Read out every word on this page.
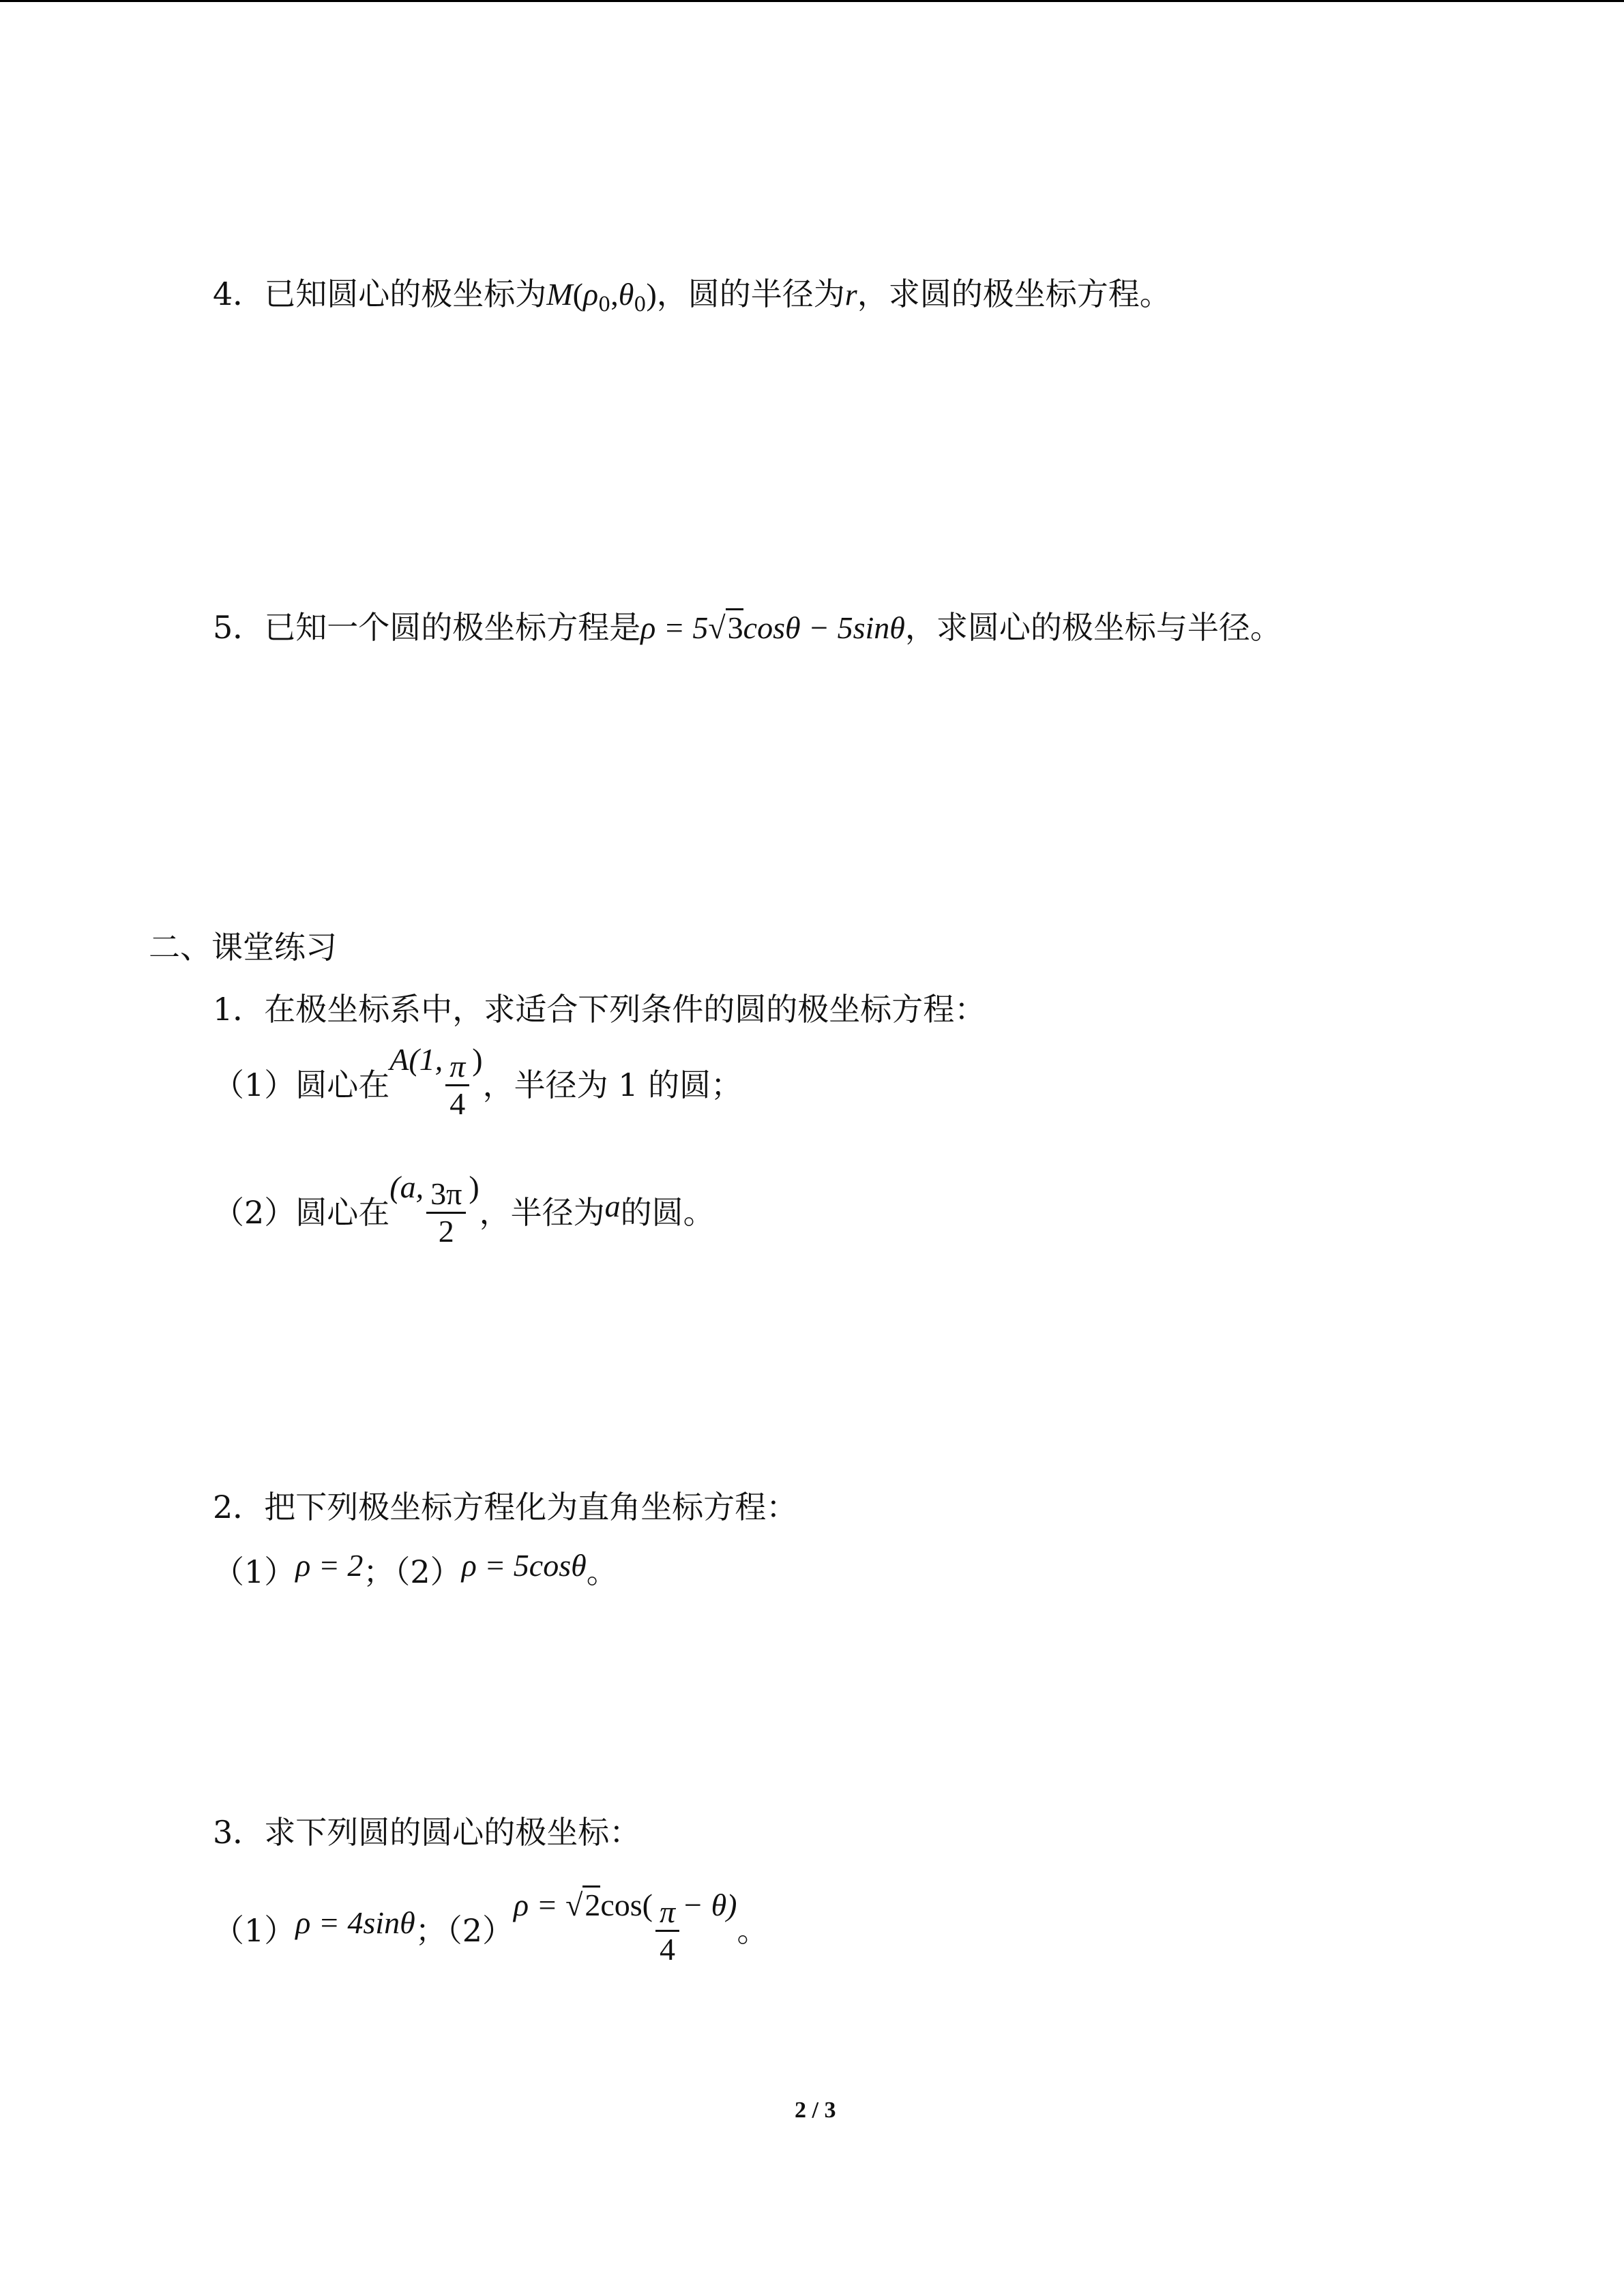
4．已知圆心的极坐标为M(ρ0,θ0)，圆的半径为r，求圆的极坐标方程。
5．已知一个圆的极坐标方程是ρ = 5√3cosθ − 5sinθ，求圆心的极坐标与半径。
二、课堂练习
1．在极坐标系中，求适合下列条件的圆的极坐标方程：
（1）圆心在A(1, $\frac{\pi}{4}$ )，半径为 1 的圆；
（2）圆心在(a, $\frac{3\pi}{2}$ )，半径为a的圆。
2．把下列极坐标方程化为直角坐标方程：
（1）ρ = 2；（2）ρ = 5cosθ。
3．求下列圆的圆心的极坐标：
（1）ρ = 4sinθ；$(2)\rho = √2\cos( \frac{\pi}{4} - \theta)$。
2 / 3
